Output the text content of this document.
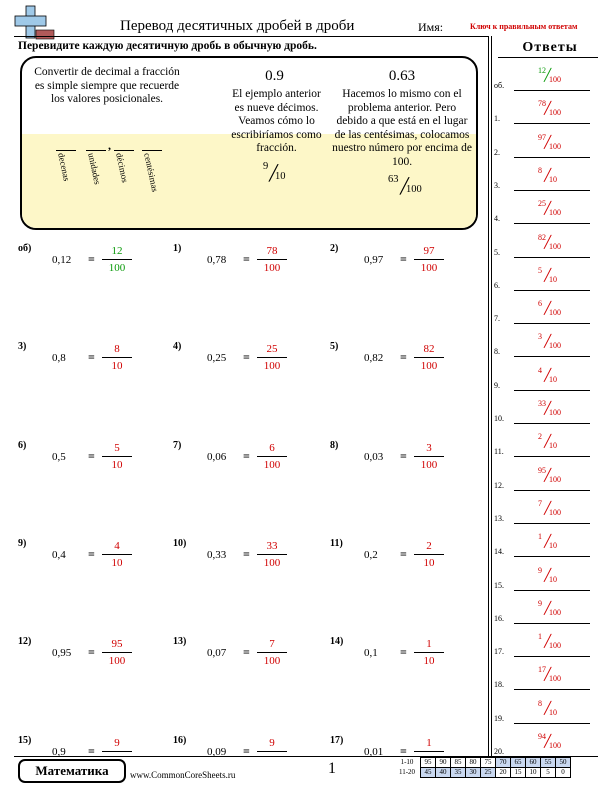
Перевод десятичных дробей в дроби	Имя:	Ключ к правильным ответам
Перевидите каждую десятичную дробь в обычную дробь.
Convertir de decimal a fracción es simple siempre que recuerde los valores posicionales.
,
decenas unidades décimos centésimas
0.9
El ejemplo anterior es nueve décimos. Veamos cómo lo escribiríamos como fracción.
9 ╱
10
0.63
Hacemos lo mismo con el problema anterior. Pero debido a que está en el lugar de las centésimas, colocamos nuestro número por encima de 100.
63 ╱
100
об)
0,12 =
12
100
1)
0,78 =
78
100
2)
0,97 =
97
100
3)
0,8 =
8
10
4)
0,25 =
25
100
5)
0,82 =
82
100
6)
0,5 =
5
10
7)
0,06 =
6
100
8)
0,03 =
3
100
9)
0,4 =
4
10
10)
0,33 =
33
100
11)
0,2 =
2
10
12)
0,95 =
95
100
13)
0,07 =
7
100
14)
0,1 =
1
10
15)
0,9 =
9	16)
0,09 =
9	17)
0,01 =
1
Ответы
об.
12
╱
100
1.
78
╱
100
2.
97
╱
100
3.
8 ╱
10
4.
25
╱
100
5.
82
╱
100
6.
5 ╱
10
7.
6 ╱
100
8.
3 ╱
100
9.
4 ╱
10
10.
33
╱
100
11.
2 ╱
10
12.
95
╱
100
13.
7 ╱
100
14.
1 ╱
10
15.
9 ╱
10
16.
9 ╱
100
17.
1 ╱
100
18.
17
╱
100
19.
8 ╱
10
20.
94
╱
100
Математика	www.CommonCoreSheets.ru	1	1-10	95	90	85	80	75	70	65	60	55	50
11-20	45	40	35	30	25	20	15	10	5	0
